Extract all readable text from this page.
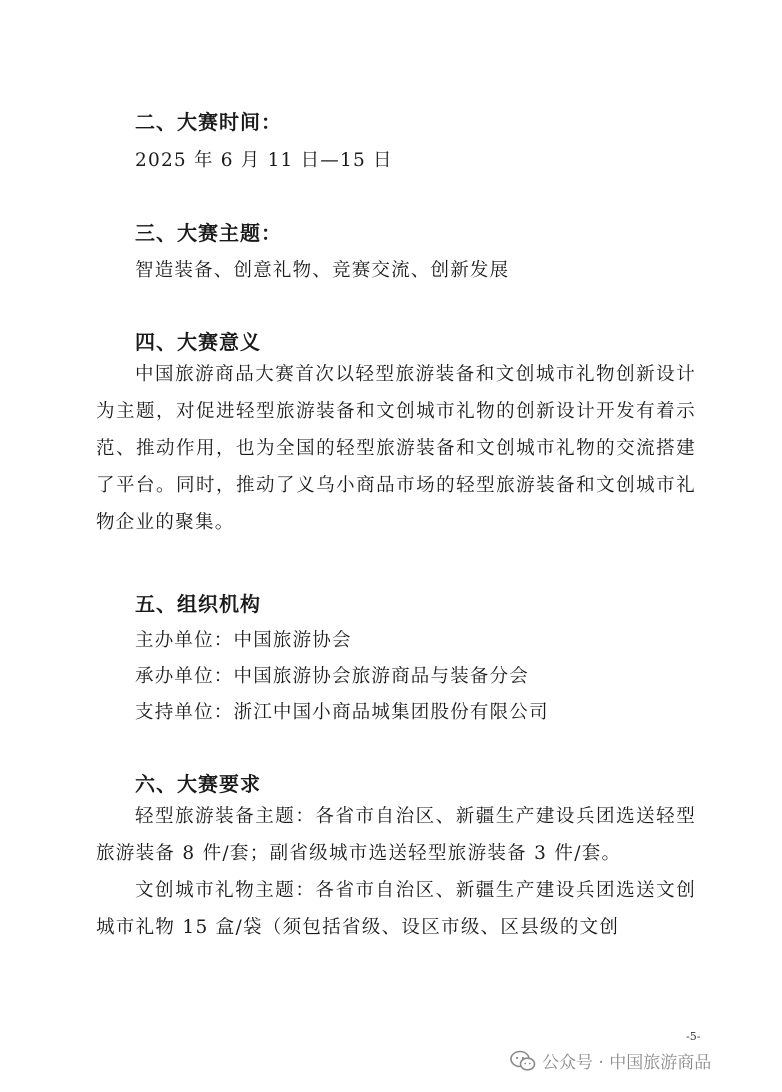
二、大赛时间：
2025 年 6 月 11 日—15 日
三、大赛主题：
智造装备、创意礼物、竞赛交流、创新发展
四、大赛意义
中国旅游商品大赛首次以轻型旅游装备和文创城市礼物创新设计为主题，对促进轻型旅游装备和文创城市礼物的创新设计开发有着示范、推动作用，也为全国的轻型旅游装备和文创城市礼物的交流搭建了平台。同时，推动了义乌小商品市场的轻型旅游装备和文创城市礼物企业的聚集。
五、组织机构
主办单位：中国旅游协会
承办单位：中国旅游协会旅游商品与装备分会
支持单位：浙江中国小商品城集团股份有限公司
六、大赛要求
轻型旅游装备主题：各省市自治区、新疆生产建设兵团选送轻型旅游装备 8 件/套；副省级城市选送轻型旅游装备 3 件/套。
文创城市礼物主题：各省市自治区、新疆生产建设兵团选送文创城市礼物 15 盒/袋（须包括省级、设区市级、区县级的文创
-5-
公众号 · 中国旅游商品
